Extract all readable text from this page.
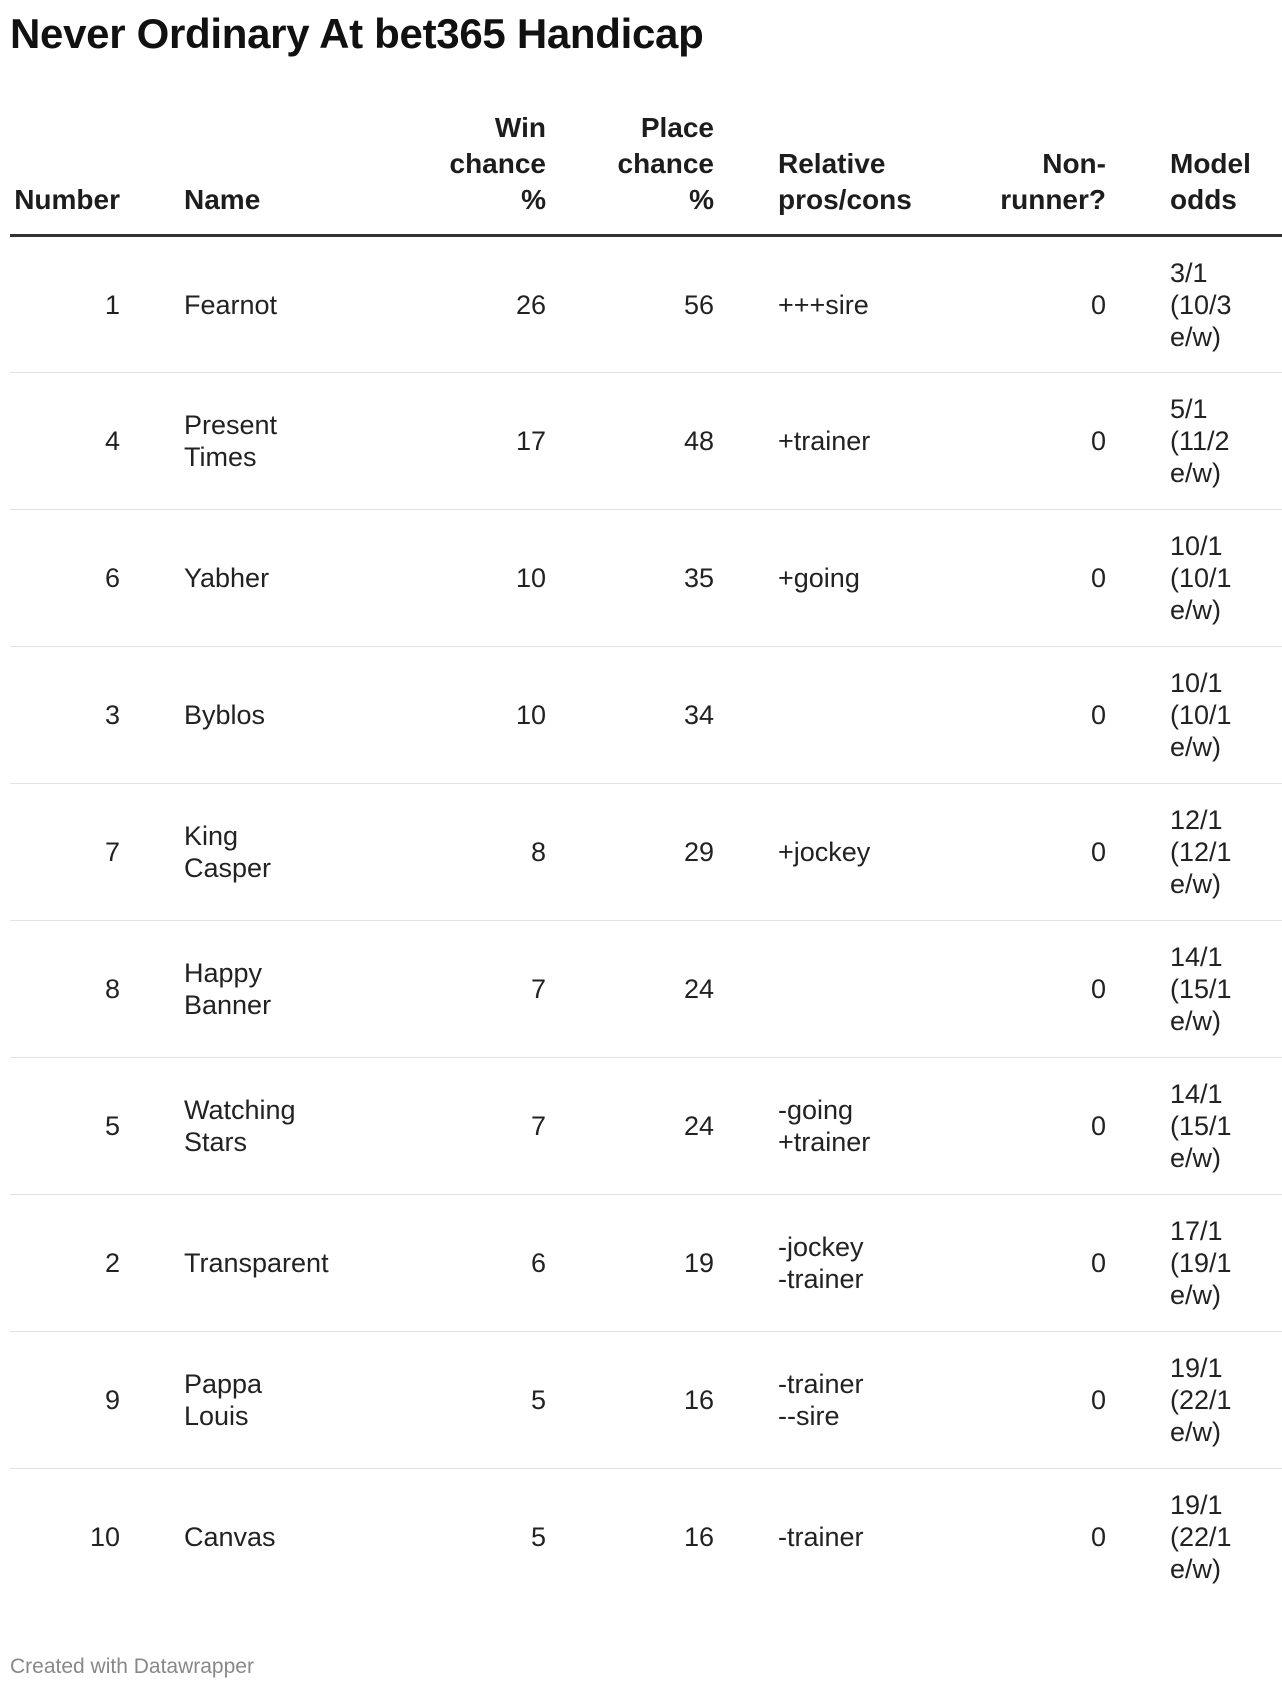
Never Ordinary At bet365 Handicap
Number	Name	Win
chance
%	Place
chance
%	Relative
pros/cons	Non-
runner?	Model
odds

1	Fearnot	26	56	+++sire	0	3/1
(10/3
e/w)

4	Present
Times	17	48	+trainer	0	5/1
(11/2
e/w)

6	Yabher	10	35	+going	0	10/1
(10/1
e/w)

3	Byblos	10	34		0	10/1
(10/1
e/w)

7	King
Casper	8	29	+jockey	0	12/1
(12/1
e/w)

8	Happy
Banner	7	24		0	14/1
(15/1
e/w)

5	Watching
Stars	7	24	-going
+trainer	0	14/1
(15/1
e/w)

2	Transparent	6	19	-jockey
-trainer	0	17/1
(19/1
e/w)

9	Pappa
Louis	5	16	-trainer
--sire	0	19/1
(22/1
e/w)

10	Canvas	5	16	-trainer	0	19/1
(22/1
e/w)
Created with Datawrapper
